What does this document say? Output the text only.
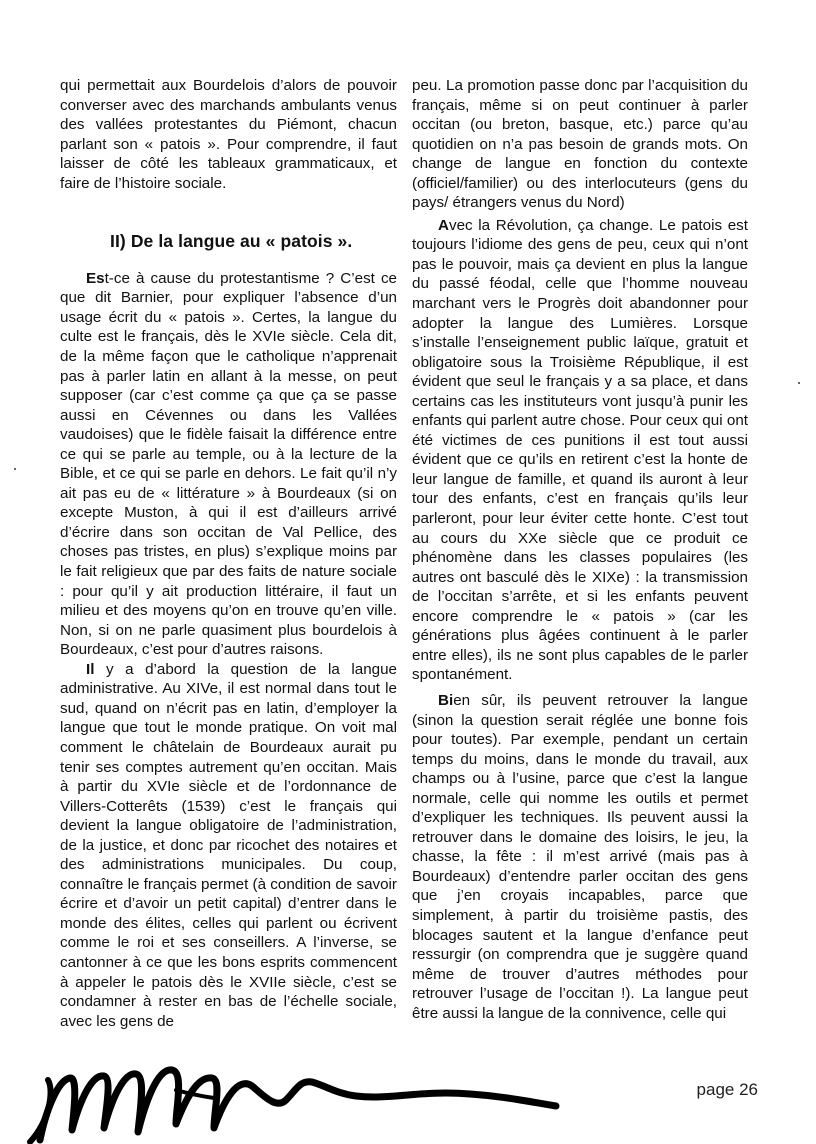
qui permettait aux Bourdelois d’alors de pouvoir converser avec des marchands ambulants venus des vallées protestantes du Piémont, chacun parlant son « patois ». Pour comprendre, il faut laisser de côté les tableaux grammaticaux, et faire de l’histoire sociale.

II) De la langue au « patois ».

Est-ce à cause du protestantisme ? C’est ce que dit Barnier, pour expliquer l’absence d’un usage écrit du « patois ». Certes, la langue du culte est le français, dès le XVIe siècle. Cela dit, de la même façon que le catholique n’apprenait pas à parler latin en allant à la messe, on peut supposer (car c’est comme ça que ça se passe aussi en Cévennes ou dans les Vallées vaudoises) que le fidèle faisait la différence entre ce qui se parle au temple, ou à la lecture de la Bible, et ce qui se parle en dehors. Le fait qu’il n’y ait pas eu de « littérature » à Bourdeaux (si on excepte Muston, à qui il est d’ailleurs arrivé d’écrire dans son occitan de Val Pellice, des choses pas tristes, en plus) s’explique moins par le fait religieux que par des faits de nature sociale : pour qu’il y ait production littéraire, il faut un milieu et des moyens qu’on en trouve qu’en ville. Non, si on ne parle quasiment plus bourdelois à Bourdeaux, c’est pour d’autres raisons.

Il y a d’abord la question de la langue administrative. Au XIVe, il est normal dans tout le sud, quand on n’écrit pas en latin, d’employer la langue que tout le monde pratique. On voit mal comment le châtelain de Bourdeaux aurait pu tenir ses comptes autrement qu’en occitan. Mais à partir du XVIe siècle et de l’ordonnance de Villers-Cotterêts (1539) c’est le français qui devient la langue obligatoire de l’administration, de la justice, et donc par ricochet des notaires et des administrations municipales. Du coup, connaître le français permet (à condition de savoir écrire et d’avoir un petit capital) d’entrer dans le monde des élites, celles qui parlent ou écrivent comme le roi et ses conseillers. A l’inverse, se cantonner à ce que les bons esprits commencent à appeler le patois dès le XVIIe siècle, c’est se condamner à rester en bas de l’échelle sociale, avec les gens de

peu. La promotion passe donc par l’acquisition du français, même si on peut continuer à parler occitan (ou breton, basque, etc.) parce qu’au quotidien on n’a pas besoin de grands mots. On change de langue en fonction du contexte (officiel/familier) ou des interlocuteurs (gens du pays/ étrangers venus du Nord)

Avec la Révolution, ça change. Le patois est toujours l’idiome des gens de peu, ceux qui n’ont pas le pouvoir, mais ça devient en plus la langue du passé féodal, celle que l’homme nouveau marchant vers le Progrès doit abandonner pour adopter la langue des Lumières. Lorsque s’installe l’enseignement public laïque, gratuit et obligatoire sous la Troisième République, il est évident que seul le français y a sa place, et dans certains cas les instituteurs vont jusqu’à punir les enfants qui parlent autre chose. Pour ceux qui ont été victimes de ces punitions il est tout aussi évident que ce qu’ils en retirent c’est la honte de leur langue de famille, et quand ils auront à leur tour des enfants, c’est en français qu’ils leur parleront, pour leur éviter cette honte. C’est tout au cours du XXe siècle que ce produit ce phénomène dans les classes populaires (les autres ont basculé dès le XIXe) : la transmission de l’occitan s’arrête, et si les enfants peuvent encore comprendre le « patois » (car les générations plus âgées continuent à le parler entre elles), ils ne sont plus capables de le parler spontanément.

Bien sûr, ils peuvent retrouver la langue (sinon la question serait réglée une bonne fois pour toutes). Par exemple, pendant un certain temps du moins, dans le monde du travail, aux champs ou à l’usine, parce que c’est la langue normale, celle qui nomme les outils et permet d’expliquer les techniques. Ils peuvent aussi la retrouver dans le domaine des loisirs, le jeu, la chasse, la fête : il m’est arrivé (mais pas à Bourdeaux) d’entendre parler occitan des gens que j’en croyais incapables, parce que simplement, à partir du troisième pastis, des blocages sautent et la langue d’enfance peut ressurgir (on comprendra que je suggère quand même de trouver d’autres méthodes pour retrouver l’usage de l’occitan !). La langue peut être aussi la langue de la connivence, celle qui

page 26
